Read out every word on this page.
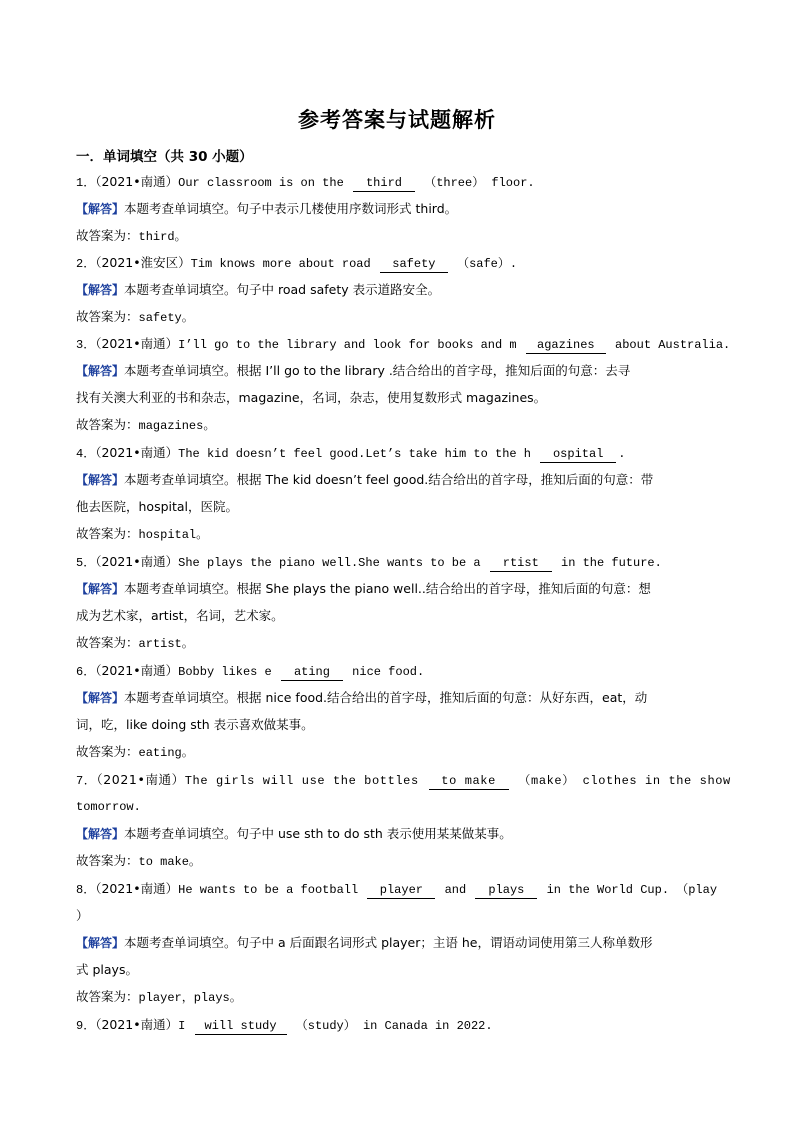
参考答案与试题解析
一．单词填空（共 30 小题）
1．（2021•南通）Our classroom is on the third （three） floor.
【解答】本题考查单词填空。句子中表示几楼使用序数词形式 third。
故答案为：third。
2．（2021•淮安区）Tim knows more about road safety （safe）.
【解答】本题考查单词填空。句子中 road safety 表示道路安全。
故答案为：safety。
3．（2021•南通）I’ll go to the library and look for books and m agazines about Australia.
【解答】本题考查单词填空。根据 I’ll go to the library .结合给出的首字母，推知后面的句意：去寻
找有关澳大利亚的书和杂志，magazine，名词，杂志，使用复数形式 magazines。
故答案为：magazines。
4．（2021•南通）The kid doesn’t feel good.Let’s take him to the h ospital .
【解答】本题考查单词填空。根据 The kid doesn’t feel good.结合给出的首字母，推知后面的句意：带
他去医院，hospital，医院。
故答案为：hospital。
5．（2021•南通）She plays the piano well.She wants to be a rtist in the future.
【解答】本题考查单词填空。根据 She plays the piano well..结合给出的首字母，推知后面的句意：想
成为艺术家，artist，名词，艺术家。
故答案为：artist。
6．（2021•南通）Bobby likes e ating nice food.
【解答】本题考查单词填空。根据 nice food.结合给出的首字母，推知后面的句意：从好东西，eat，动
词，吃，like doing sth 表示喜欢做某事。
故答案为：eating。
7．（2021•南通）The girls will use the bottles to make （make） clothes in the show
tomorrow.
【解答】本题考查单词填空。句子中 use sth to do sth 表示使用某某做某事。
故答案为：to make。
8．（2021•南通）He wants to be a football player and plays in the World Cup. （play
）
【解答】本题考查单词填空。句子中 a 后面跟名词形式 player；主语 he，谓语动词使用第三人称单数形
式 plays。
故答案为：player，plays。
9．（2021•南通）I will study （study） in Canada in 2022.
